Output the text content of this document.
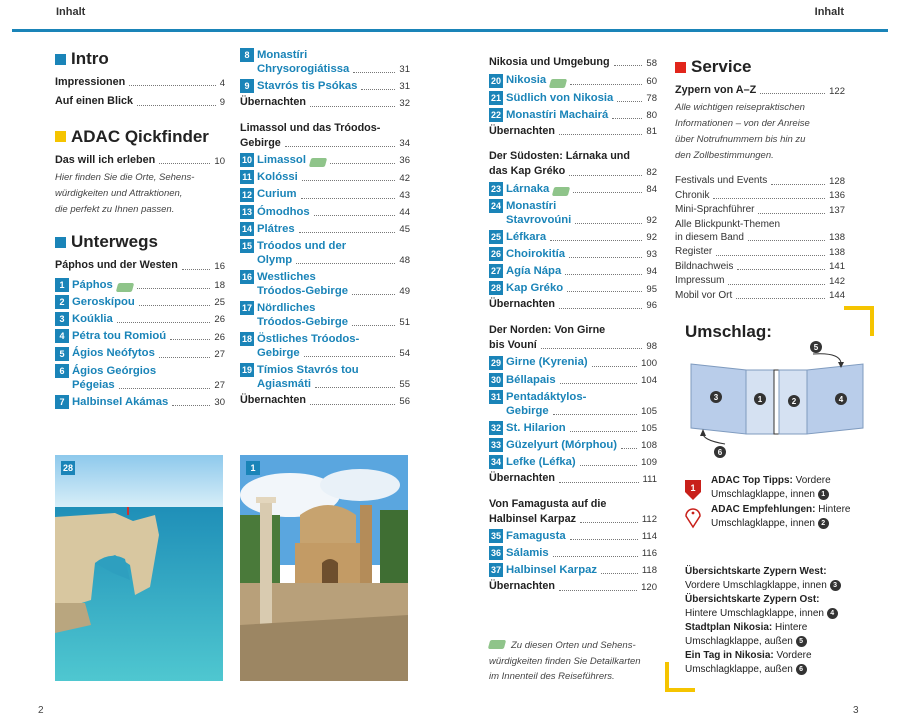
Inhalt	Inhalt
Intro
Impressionen	4
Auf einen Blick	9
ADAC Qickfinder
Das will ich erleben	10
Hier finden Sie die Orte, Sehens-
würdigkeiten und Attraktionen,
die perfekt zu Ihnen passen.
Unterwegs
Páphos und der Westen	16
1 Páphos	18
2 Geroskípou	25
3 Koúklia	26
4 Pétra tou Romioú	26
5 Ágios Neófytos	27
6 Ágios Geórgios
Pégeias	27
7 Halbinsel Akámas	30
8 Monastíri
Chrysorogiátissa	31
9 Stavrós tis Psókas	31
Übernachten	32
Limassol und das Tróodos-
Gebirge	34
10 Limassol	36
11 Kolóssi	42
12 Curium	43
13 Ómodhos	44
14 Plátres	45
15 Tróodos und der
Olymp	48
16 Westliches
Tróodos-Gebirge	49
17 Nördliches
Tróodos-Gebirge	51
18 Östliches Tróodos-
Gebirge	54
19 Tímios Stavrós tou
Agiasmáti	55
Übernachten	56
28	1
Nikosia und Umgebung	58
20 Nikosia	60
21 Südlich von Nikosia	78
22 Monastíri Machairá	80
Übernachten	81
Der Südosten: Lárnaka und
das Kap Gréko	82
23 Lárnaka	84
24 Monastíri
Stavrovoúni	92
25 Léfkara	92
26 Choirokitía	93
27 Agía Nápa	94
28 Kap Gréko	95
Übernachten	96
Der Norden: Von Girne
bis Vouní	98
29 Girne (Kyrenia)	100
30 Béllapais	104
31 Pentadáktylos-
Gebirge	105
32 St. Hilarion	105
33 Güzelyurt (Mórphou)	108
34 Lefke (Léfka)	109
Übernachten	111
Von Famagusta auf die
Halbinsel Karpaz	112
35 Famagusta	114
36 Sálamis	116
37 Halbinsel Karpaz	118
Übernachten	120
Zu diesen Orten und Sehens-
würdigkeiten finden Sie Detailkarten
im Innenteil des Reiseführers.
Service
Zypern von A–Z	122
Alle wichtigen reisepraktischen
Informationen – von der Anreise
über Notrufnummern bis hin zu
den Zollbestimmungen.
Festivals und Events	128
Chronik	136
Mini-Sprachführer	137
Alle Blickpunkt-Themen
in diesem Band	138
Register	138
Bildnachweis	141
Impressum	142
Mobil vor Ort	144
Umschlag:
3	1	2	4
5
6
1
ADAC Top Tipps: Vordere
Umschlagklappe, innen 1
ADAC Empfehlungen: Hintere
Umschlagklappe, innen 2
Übersichtskarte Zypern West:
Vordere Umschlagklappe, innen 3
Übersichtskarte Zypern Ost:
Hintere Umschlagklappe, innen 4
Stadtplan Nikosia: Hintere
Umschlagklappe, außen 5
Ein Tag in Nikosia: Vordere
Umschlagklappe, außen 6
2	3
